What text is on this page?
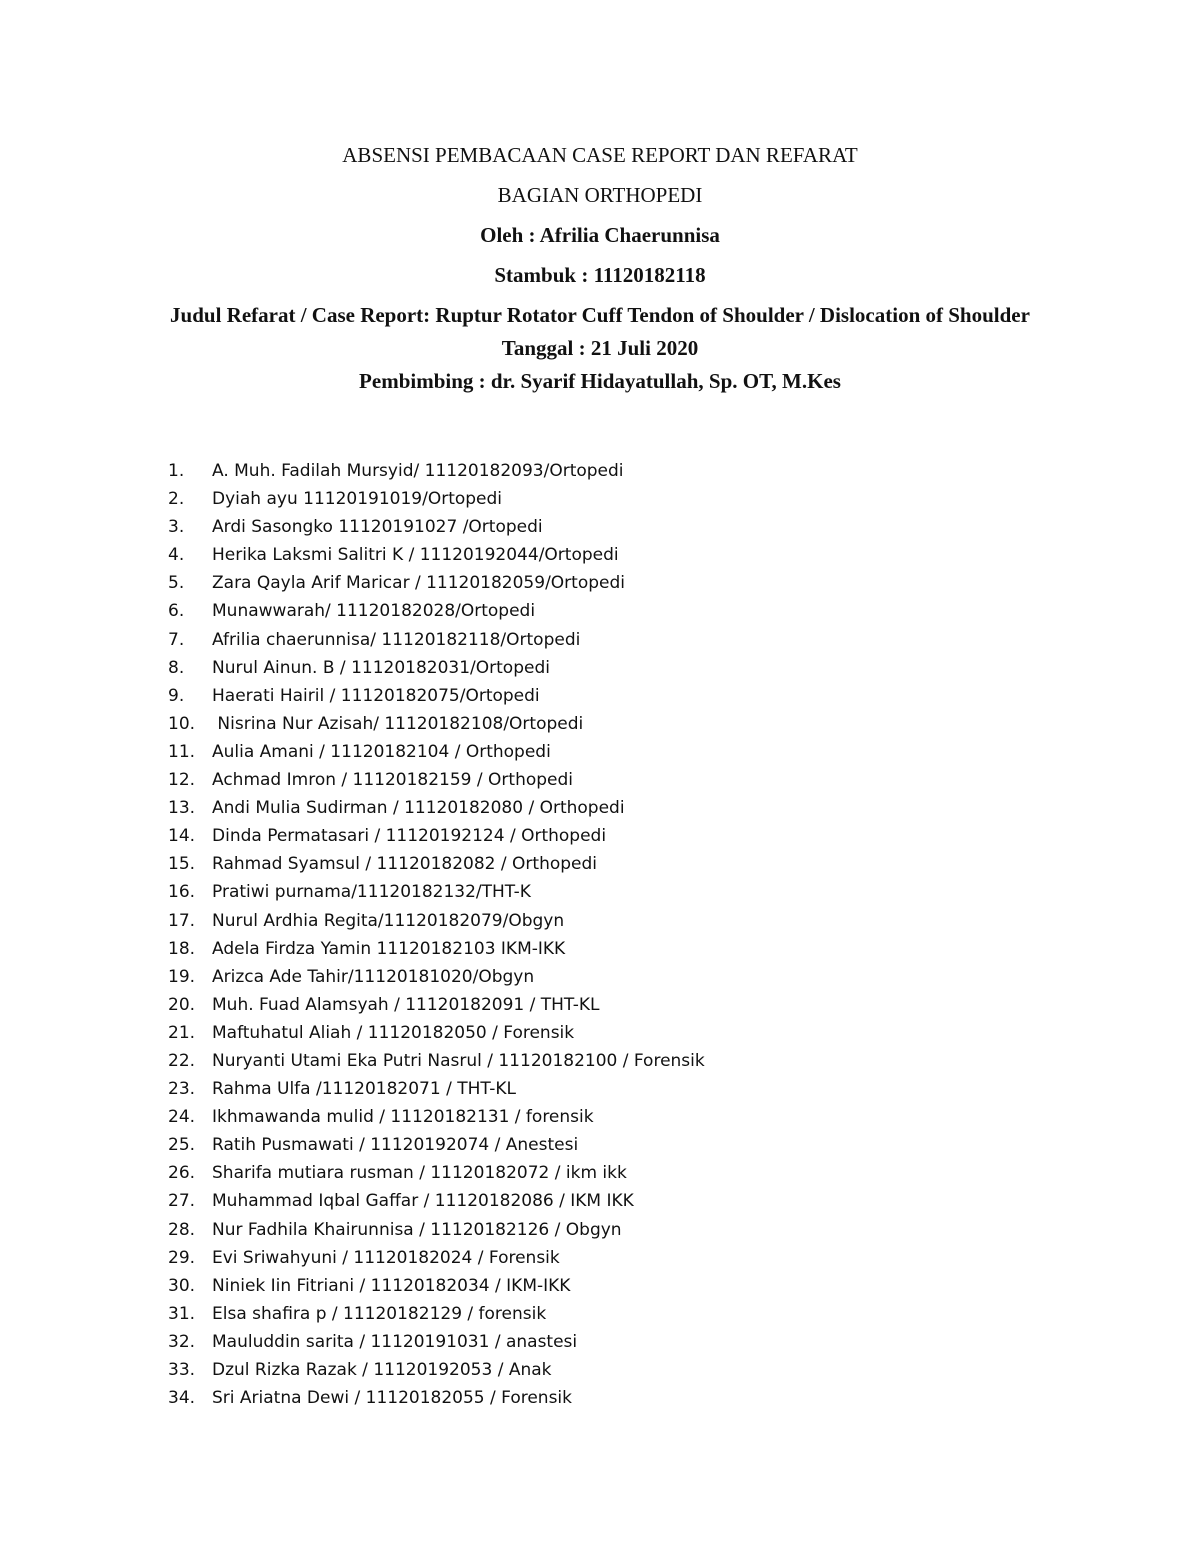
ABSENSI PEMBACAAN CASE REPORT DAN REFARAT

BAGIAN ORTHOPEDI

Oleh : Afrilia Chaerunnisa

Stambuk : 11120182118

Judul Refarat / Case Report: Ruptur Rotator Cuff Tendon of Shoulder / Dislocation of Shoulder

Tanggal : 21 Juli 2020

Pembimbing : dr. Syarif Hidayatullah, Sp. OT, M.Kes

1.	A. Muh. Fadilah Mursyid/ 11120182093/Ortopedi
2.	Dyiah ayu 11120191019/Ortopedi
3.	Ardi Sasongko 11120191027 /Ortopedi
4.	Herika Laksmi Salitri K / 11120192044/Ortopedi
5.	Zara Qayla Arif Maricar / 11120182059/Ortopedi
6.	Munawwarah/ 11120182028/Ortopedi
7.	Afrilia chaerunnisa/ 11120182118/Ortopedi
8.	Nurul Ainun. B / 11120182031/Ortopedi
9.	Haerati Hairil / 11120182075/Ortopedi
10. Nisrina Nur Azisah/ 11120182108/Ortopedi
11. Aulia Amani / 11120182104 / Orthopedi
12. Achmad Imron / 11120182159 / Orthopedi
13. Andi Mulia Sudirman / 11120182080 / Orthopedi
14. Dinda Permatasari / 11120192124 / Orthopedi
15. Rahmad Syamsul / 11120182082 / Orthopedi
16. Pratiwi purnama/11120182132/THT-K
17. Nurul Ardhia Regita/11120182079/Obgyn
18. Adela Firdza Yamin 11120182103 IKM-IKK
19. Arizca Ade Tahir/11120181020/Obgyn
20. Muh. Fuad Alamsyah / 11120182091 / THT-KL
21. Maftuhatul Aliah / 11120182050 / Forensik
22. Nuryanti Utami Eka Putri Nasrul / 11120182100 / Forensik
23. Rahma Ulfa /11120182071 / THT-KL
24. Ikhmawanda mulid / 11120182131 / forensik
25. Ratih Pusmawati / 11120192074 / Anestesi
26. Sharifa mutiara rusman / 11120182072 / ikm ikk
27. Muhammad Iqbal Gaffar / 11120182086 / IKM IKK
28. Nur Fadhila Khairunnisa / 11120182126 / Obgyn
29. Evi Sriwahyuni / 11120182024 / Forensik
30. Niniek Iin Fitriani / 11120182034 / IKM-IKK
31. Elsa shafira p / 11120182129 / forensik
32. Mauluddin sarita / 11120191031 / anastesi
33. Dzul Rizka Razak / 11120192053 / Anak
34. Sri Ariatna Dewi / 11120182055 / Forensik
